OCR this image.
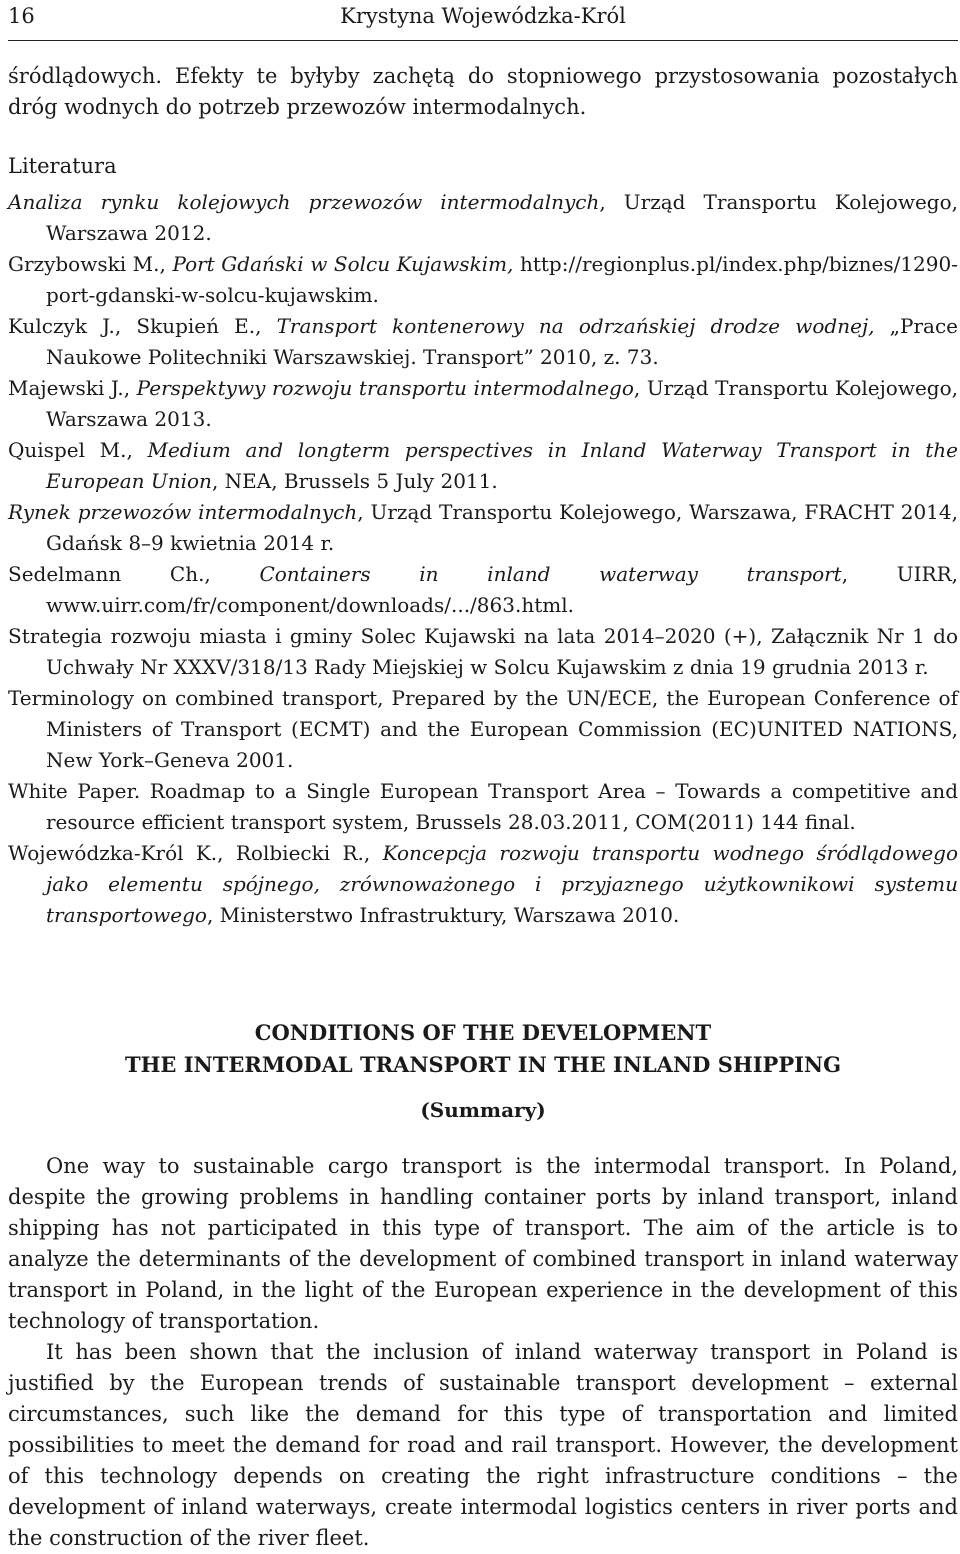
16	Krystyna Wojewódzka-Król

śródlądowych. Efekty te byłyby zachętą do stopniowego przystosowania pozostałych dróg wodnych do potrzeb przewozów intermodalnych.

Literatura

Analiza rynku kolejowych przewozów intermodalnych, Urząd Transportu Kolejowego, Warszawa 2012.

Grzybowski M., Port Gdański w Solcu Kujawskim, http://regionplus.pl/index.php/biznes/1290-port-gdanski-w-solcu-kujawskim.

Kulczyk J., Skupień E., Transport kontenerowy na odrzańskiej drodze wodnej, „Prace Naukowe Politechniki Warszawskiej. Transport” 2010, z. 73.

Majewski J., Perspektywy rozwoju transportu intermodalnego, Urząd Transportu Kolejowego, Warszawa 2013.

Quispel M., Medium and longterm perspectives in Inland Waterway Transport in the European Union, NEA, Brussels 5 July 2011.

Rynek przewozów intermodalnych, Urząd Transportu Kolejowego, Warszawa, FRACHT 2014, Gdańsk 8–9 kwietnia 2014 r.

Sedelmann Ch., Containers in inland waterway transport, UIRR, www.uirr.com/fr/component/downloads/.../863.html.

Strategia rozwoju miasta i gminy Solec Kujawski na lata 2014–2020 (+), Załącznik Nr 1 do Uchwały Nr XXXV/318/13 Rady Miejskiej w Solcu Kujawskim z dnia 19 grudnia 2013 r.

Terminology on combined transport, Prepared by the UN/ECE, the European Conference of Ministers of Transport (ECMT) and the European Commission (EC)UNITED NATIONS, New York–Geneva 2001.

White Paper. Roadmap to a Single European Transport Area – Towards a competitive and resource efficient transport system, Brussels 28.03.2011, COM(2011) 144 final.

Wojewódzka-Król K., Rolbiecki R., Koncepcja rozwoju transportu wodnego śródlądowego jako elementu spójnego, zrównoważonego i przyjaznego użytkownikowi systemu transportowego, Ministerstwo Infrastruktury, Warszawa 2010.

CONDITIONS OF THE DEVELOPMENT
THE INTERMODAL TRANSPORT IN THE INLAND SHIPPING
(Summary)

One way to sustainable cargo transport is the intermodal transport. In Poland, despite the growing problems in handling container ports by inland transport, inland shipping has not participated in this type of transport. The aim of the article is to analyze the determinants of the development of combined transport in inland waterway transport in Poland, in the light of the European experience in the development of this technology of transportation.

It has been shown that the inclusion of inland waterway transport in Poland is justified by the European trends of sustainable transport development – external circumstances, such like the demand for this type of transportation and limited possibilities to meet the demand for road and rail transport. However, the development of this technology depends on creating the right infrastructure conditions – the development of inland waterways, create intermodal logistics centers in river ports and the construction of the river fleet.
